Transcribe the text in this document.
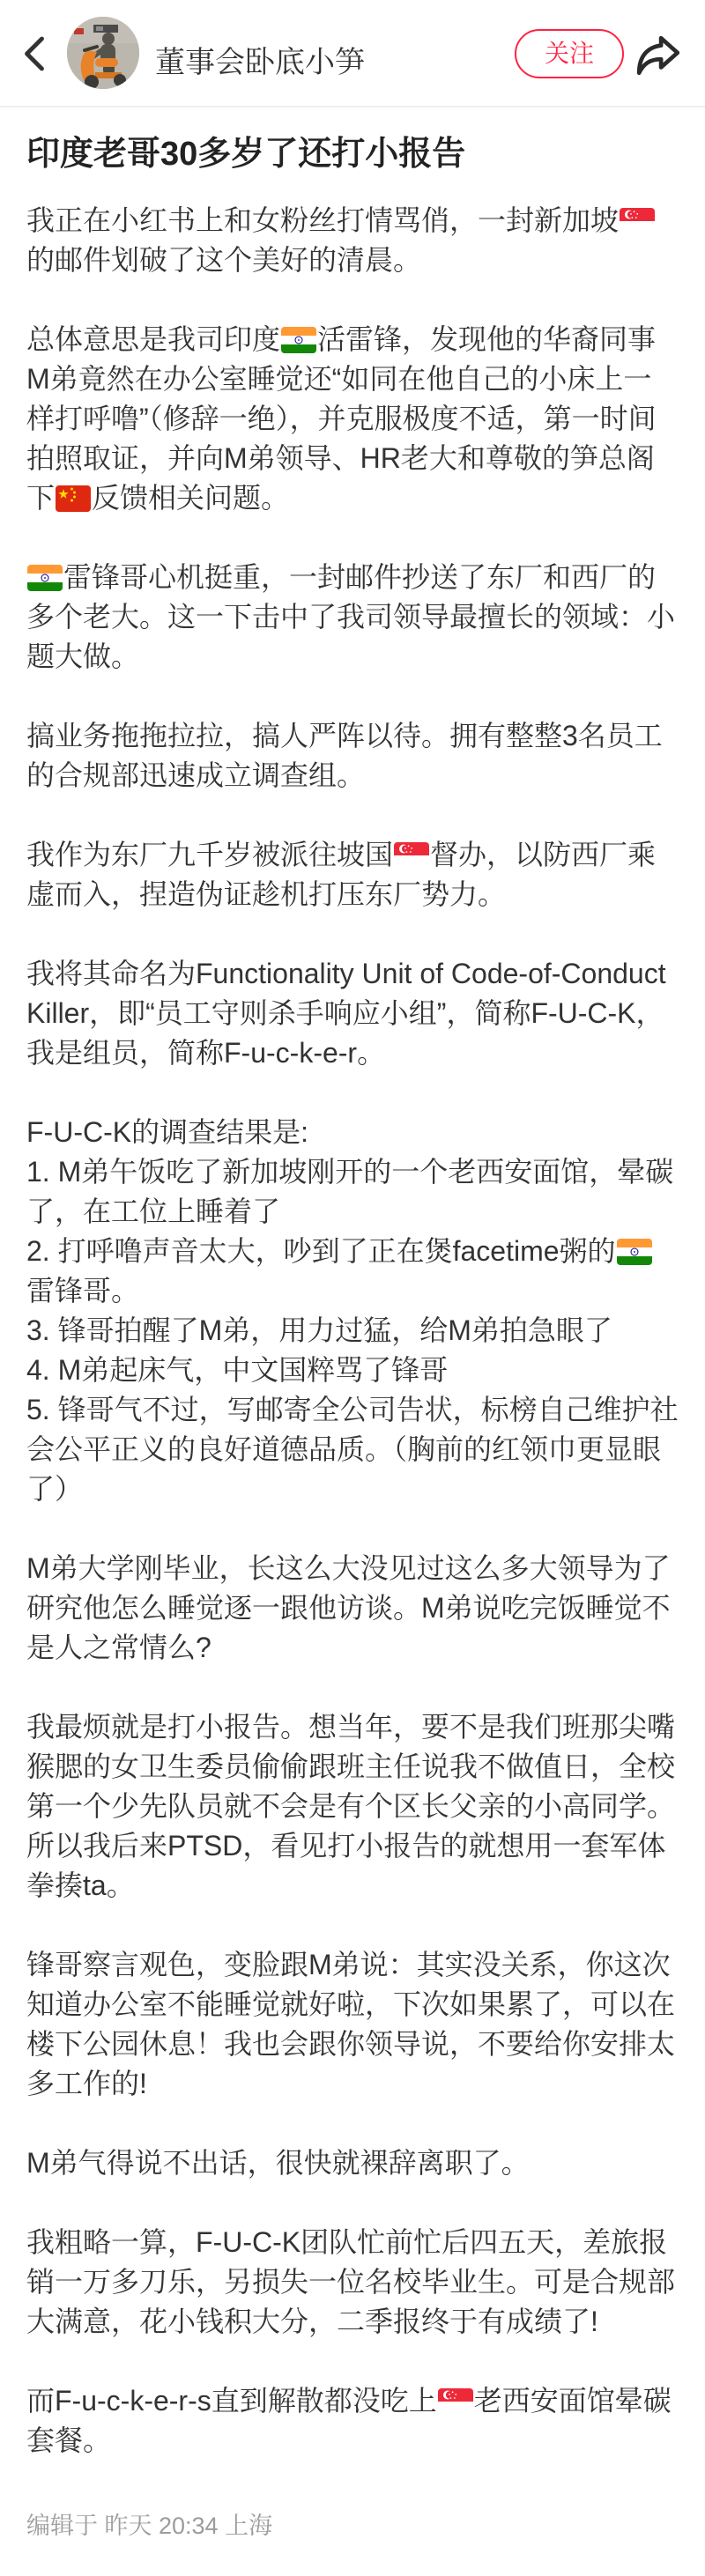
董事会卧底小笋	关注
印度老哥30多岁了还打小报告
我正在小红书上和女粉丝打情骂俏，一封新加坡
的邮件划破了这个美好的清晨。
总体意思是我司印度 活雷锋，发现他的华裔同事M弟竟然在办公室睡觉还“如同在他自己的小床上一样打呼噜”（修辞一绝），并克服极度不适，第一时间拍照取证，并向M弟领导、HR老大和尊敬的笋总阁下 反馈相关问题。
雷锋哥心机挺重，一封邮件抄送了东厂和西厂的多个老大。这一下击中了我司领导最擅长的领域：小题大做。
搞业务拖拖拉拉，搞人严阵以待。拥有整整3名员工的合规部迅速成立调查组。
我作为东厂九千岁被派往坡国 督办，以防西厂乘虚而入，捏造伪证趁机打压东厂势力。
我将其命名为Functionality Unit of Code-of-Conduct Killer，即“员工守则杀手响应小组”，简称F-U-C-K，我是组员，简称F-u-c-k-e-r。
F-U-C-K的调查结果是:
1. M弟午饭吃了新加坡刚开的一个老西安面馆，晕碳了，在工位上睡着了
2. 打呼噜声音太大，吵到了正在煲facetime粥的
雷锋哥。
3. 锋哥拍醒了M弟，用力过猛，给M弟拍急眼了
4. M弟起床气，中文国粹骂了锋哥
5. 锋哥气不过，写邮寄全公司告状，标榜自己维护社会公平正义的良好道德品质。（胸前的红领巾更显眼了）
M弟大学刚毕业，长这么大没见过这么多大领导为了研究他怎么睡觉逐一跟他访谈。M弟说吃完饭睡觉不是人之常情么?
我最烦就是打小报告。想当年，要不是我们班那尖嘴猴腮的女卫生委员偷偷跟班主任说我不做值日，全校第一个少先队员就不会是有个区长父亲的小高同学。所以我后来PTSD，看见打小报告的就想用一套军体拳揍ta。
锋哥察言观色，变脸跟M弟说：其实没关系，你这次知道办公室不能睡觉就好啦，下次如果累了，可以在楼下公园休息！我也会跟你领导说，不要给你安排太多工作的!
M弟气得说不出话，很快就裸辞离职了。
我粗略一算，F-U-C-K团队忙前忙后四五天，差旅报销一万多刀乐，另损失一位名校毕业生。可是合规部大满意，花小钱积大分，二季报终于有成绩了!
而F-u-c-k-e-r-s直到解散都没吃上 老西安面馆晕碳套餐。
编辑于 昨天 20:34 上海
